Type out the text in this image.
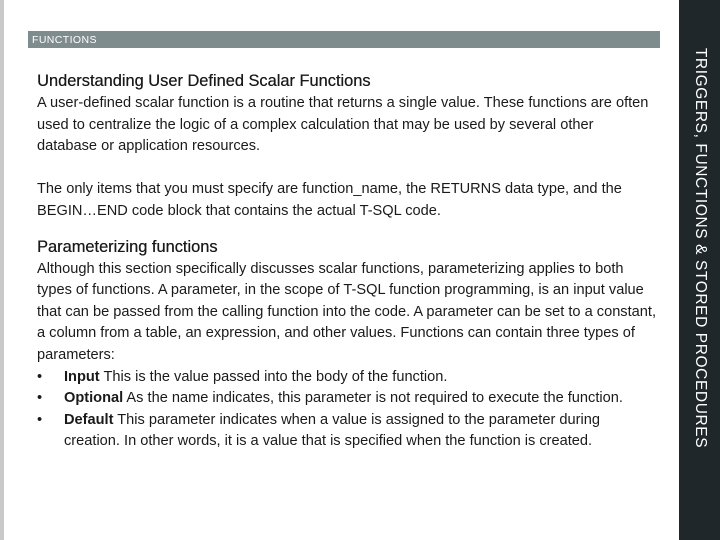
FUNCTIONS
TRIGGERS, FUNCTIONS & STORED PROCEDURES
Understanding User Defined Scalar Functions

A user-defined scalar function is a routine that returns a single value. These functions are often used to centralize the logic of a complex calculation that may be used by several other database or application resources.

The only items that you must specify are function_name, the RETURNS data type, and the BEGIN…END code block that contains the actual T-SQL code.

Parameterizing functions

Although this section specifically discusses scalar functions, parameterizing applies to both types of functions. A parameter, in the scope of T-SQL function programming, is an input value that can be passed from the calling function into the code. A parameter can be set to a constant, a column from a table, an expression, and other values. Functions can contain three types of parameters:

• Input This is the value passed into the body of the function.
• Optional As the name indicates, this parameter is not required to execute the function.
• Default This parameter indicates when a value is assigned to the parameter during creation. In other words, it is a value that is specified when the function is created.
